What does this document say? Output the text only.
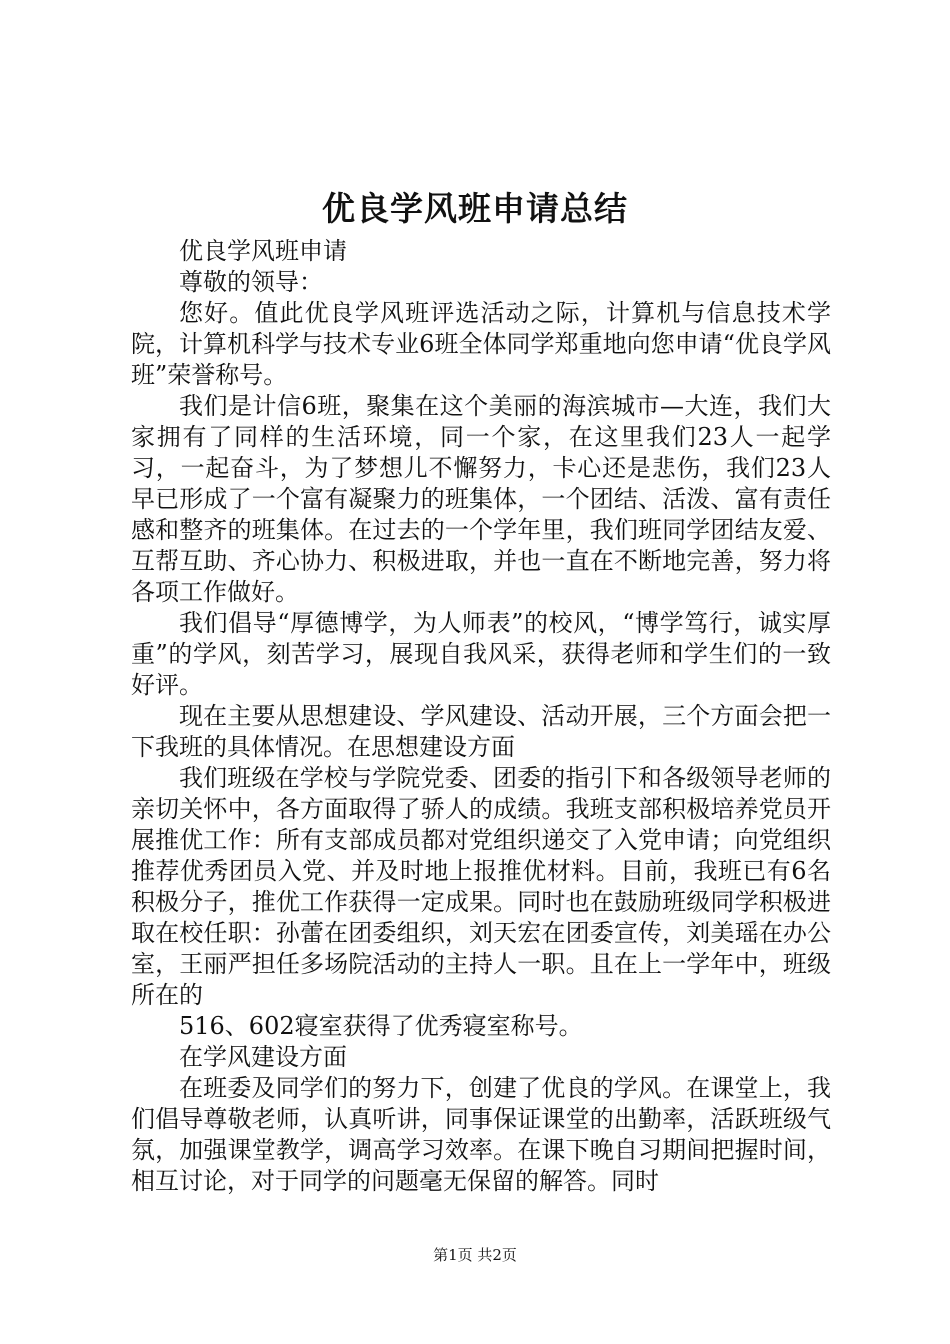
优良学风班申请总结

优良学风班申请

尊敬的领导：

您好。值此优良学风班评选活动之际，计算机与信息技术学院，计算机科学与技术专业6班全体同学郑重地向您申请“优良学风班”荣誉称号。

我们是计信6班，聚集在这个美丽的海滨城市—大连，我们大家拥有了同样的生活环境，同一个家，在这里我们23人一起学习，一起奋斗，为了梦想儿不懈努力，卡心还是悲伤，我们23人早已形成了一个富有凝聚力的班集体，一个团结、活泼、富有责任感和整齐的班集体。在过去的一个学年里，我们班同学团结友爱、互帮互助、齐心协力、积极进取，并也一直在不断地完善，努力将各项工作做好。

我们倡导“厚德博学，为人师表”的校风，“博学笃行，诚实厚重”的学风，刻苦学习，展现自我风采，获得老师和学生们的一致好评。

现在主要从思想建设、学风建设、活动开展，三个方面会把一下我班的具体情况。在思想建设方面

我们班级在学校与学院党委、团委的指引下和各级领导老师的亲切关怀中，各方面取得了骄人的成绩。我班支部积极培养党员开展推优工作：所有支部成员都对党组织递交了入党申请；向党组织推荐优秀团员入党、并及时地上报推优材料。目前，我班已有6名积极分子，推优工作获得一定成果。同时也在鼓励班级同学积极进取在校任职：孙蕾在团委组织，刘天宏在团委宣传，刘美瑶在办公室，王丽严担任多场院活动的主持人一职。且在上一学年中，班级所在的

516、602寝室获得了优秀寝室称号。

在学风建设方面

在班委及同学们的努力下，创建了优良的学风。在课堂上，我们倡导尊敬老师，认真听讲，同事保证课堂的出勤率，活跃班级气氛，加强课堂教学，调高学习效率。在课下晚自习期间把握时间，相互讨论，对于同学的问题毫无保留的解答。同时

第1页 共2页
